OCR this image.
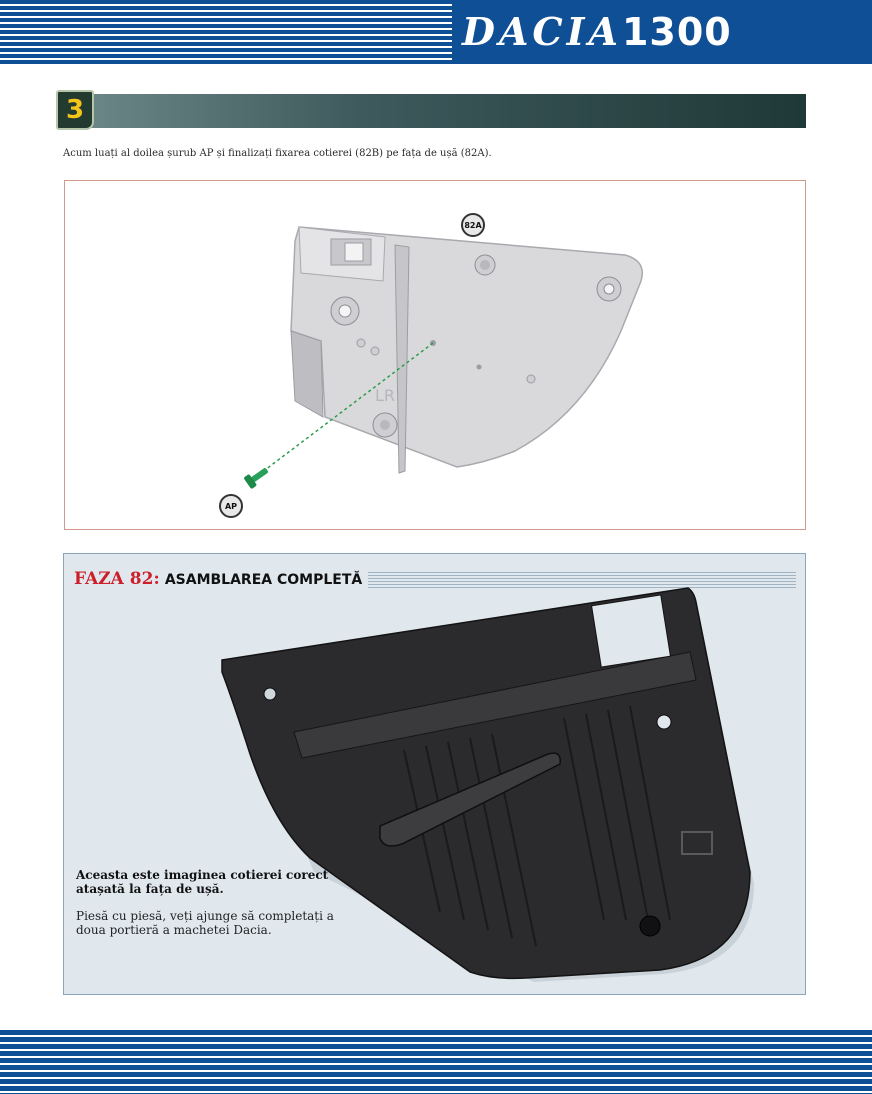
DACIA1300
3

Acum luați al doilea șurub AP și finalizați fixarea cotierei (82B) pe fața de ușă (82A).

LR
82A
AP
FAZA 82: ASAMBLAREA COMPLETĂ

Aceasta este imaginea cotierei corect atașată la fața de ușă.

Piesă cu piesă, veți ajunge să completați a doua portieră a machetei Dacia.
